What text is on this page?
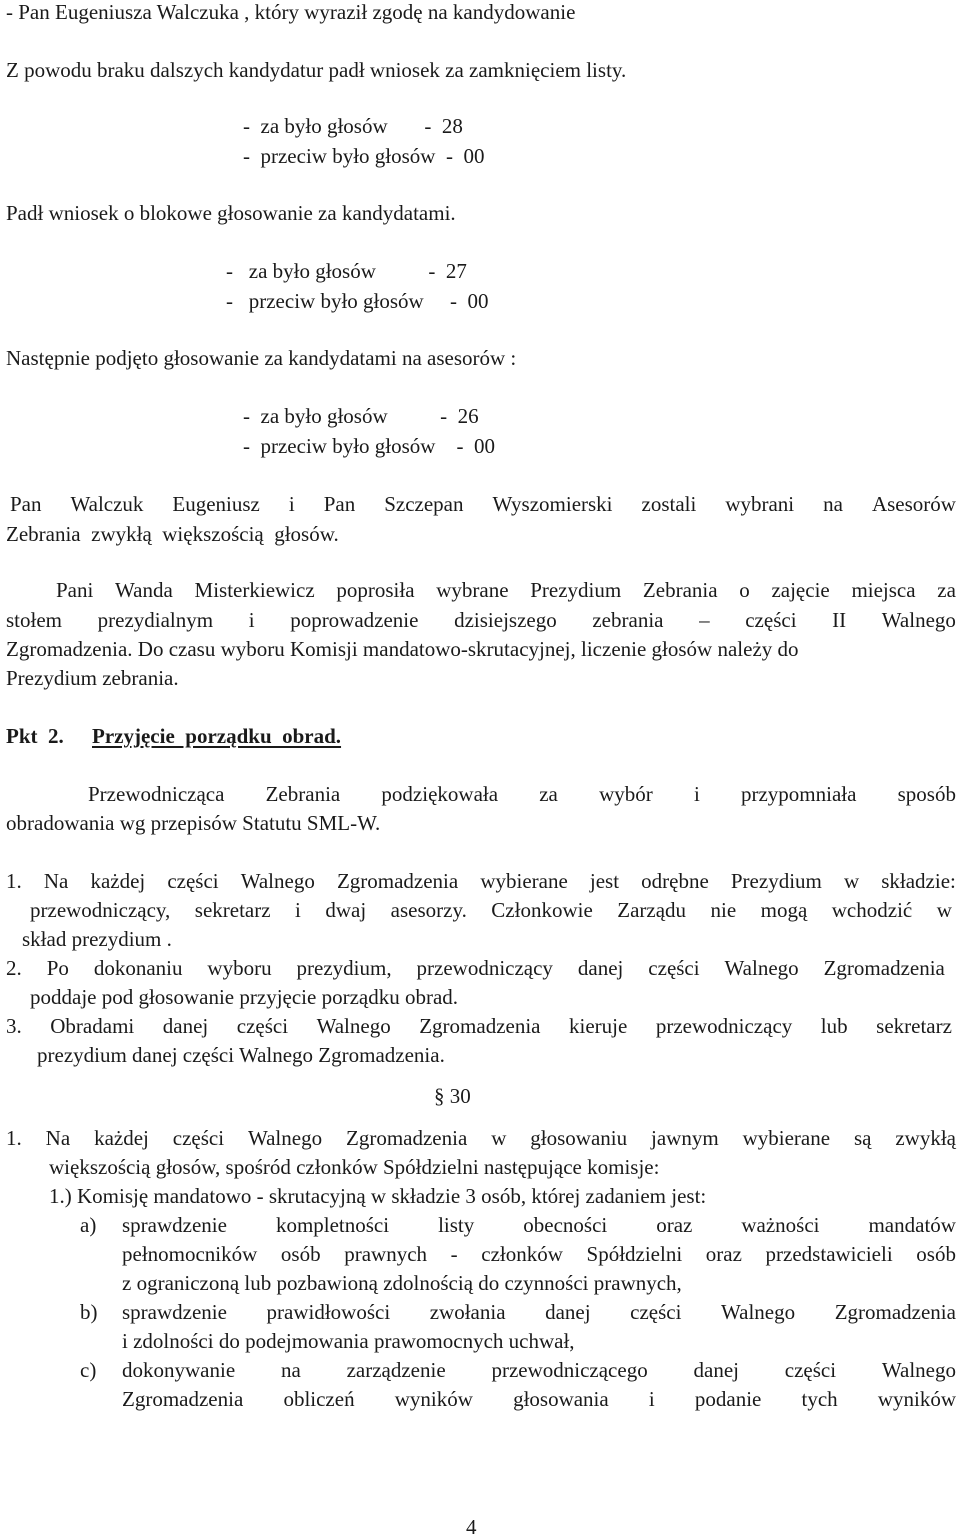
- Pan Eugeniusza Walczuka , który wyraził zgodę na kandydowanie
Z powodu braku dalszych kandydatur padł wniosek za zamknięciem listy.
-  za było głosów       -  28
-  przeciw było głosów  -  00
Padł wniosek o blokowe głosowanie za kandydatami.
-   za było głosów          -  27
-   przeciw było głosów     -  00
Następnie podjęto głosowanie za kandydatami na asesorów :
-  za było głosów          -  26
-  przeciw było głosów    -  00
Pan Walczuk Eugeniusz i Pan Szczepan Wyszomierski zostali wybrani na Asesorów
Zebrania  zwykłą  większością  głosów.
Pani Wanda Misterkiewicz poprosiła wybrane Prezydium Zebrania o zajęcie miejsca za
stołem prezydialnym i poprowadzenie dzisiejszego zebrania – części II Walnego
Zgromadzenia. Do czasu wyboru Komisji mandatowo-skrutacyjnej, liczenie głosów należy do
Prezydium zebrania.
Pkt  2. Przyjęcie  porządku  obrad.
Przewodnicząca Zebrania podziękowała za wybór i przypomniała sposób
obradowania wg przepisów Statutu SML-W.
1. Na każdej części Walnego Zgromadzenia wybierane jest odrębne Prezydium w składzie:
przewodniczący, sekretarz i dwaj asesorzy. Członkowie Zarządu nie mogą wchodzić w
skład prezydium .
2. Po dokonaniu wyboru prezydium, przewodniczący danej części Walnego Zgromadzenia
poddaje pod głosowanie przyjęcie porządku obrad.
3. Obradami danej części Walnego Zgromadzenia kieruje przewodniczący lub sekretarz
prezydium danej części Walnego Zgromadzenia.
§ 30
1. Na każdej części Walnego Zgromadzenia w głosowaniu jawnym wybierane są zwykłą
większością głosów, spośród członków Spółdzielni następujące komisje:
1.) Komisję mandatowo - skrutacyjną w składzie 3 osób, której zadaniem jest:
a) sprawdzenie kompletności listy obecności oraz ważności mandatów
pełnomocników osób prawnych - członków Spółdzielni oraz przedstawicieli osób
z ograniczoną lub pozbawioną zdolnością do czynności prawnych,
b) sprawdzenie prawidłowości zwołania danej części Walnego Zgromadzenia
i zdolności do podejmowania prawomocnych uchwał,
c) dokonywanie na zarządzenie przewodniczącego danej części Walnego
Zgromadzenia obliczeń wyników głosowania i podanie tych wyników
4
